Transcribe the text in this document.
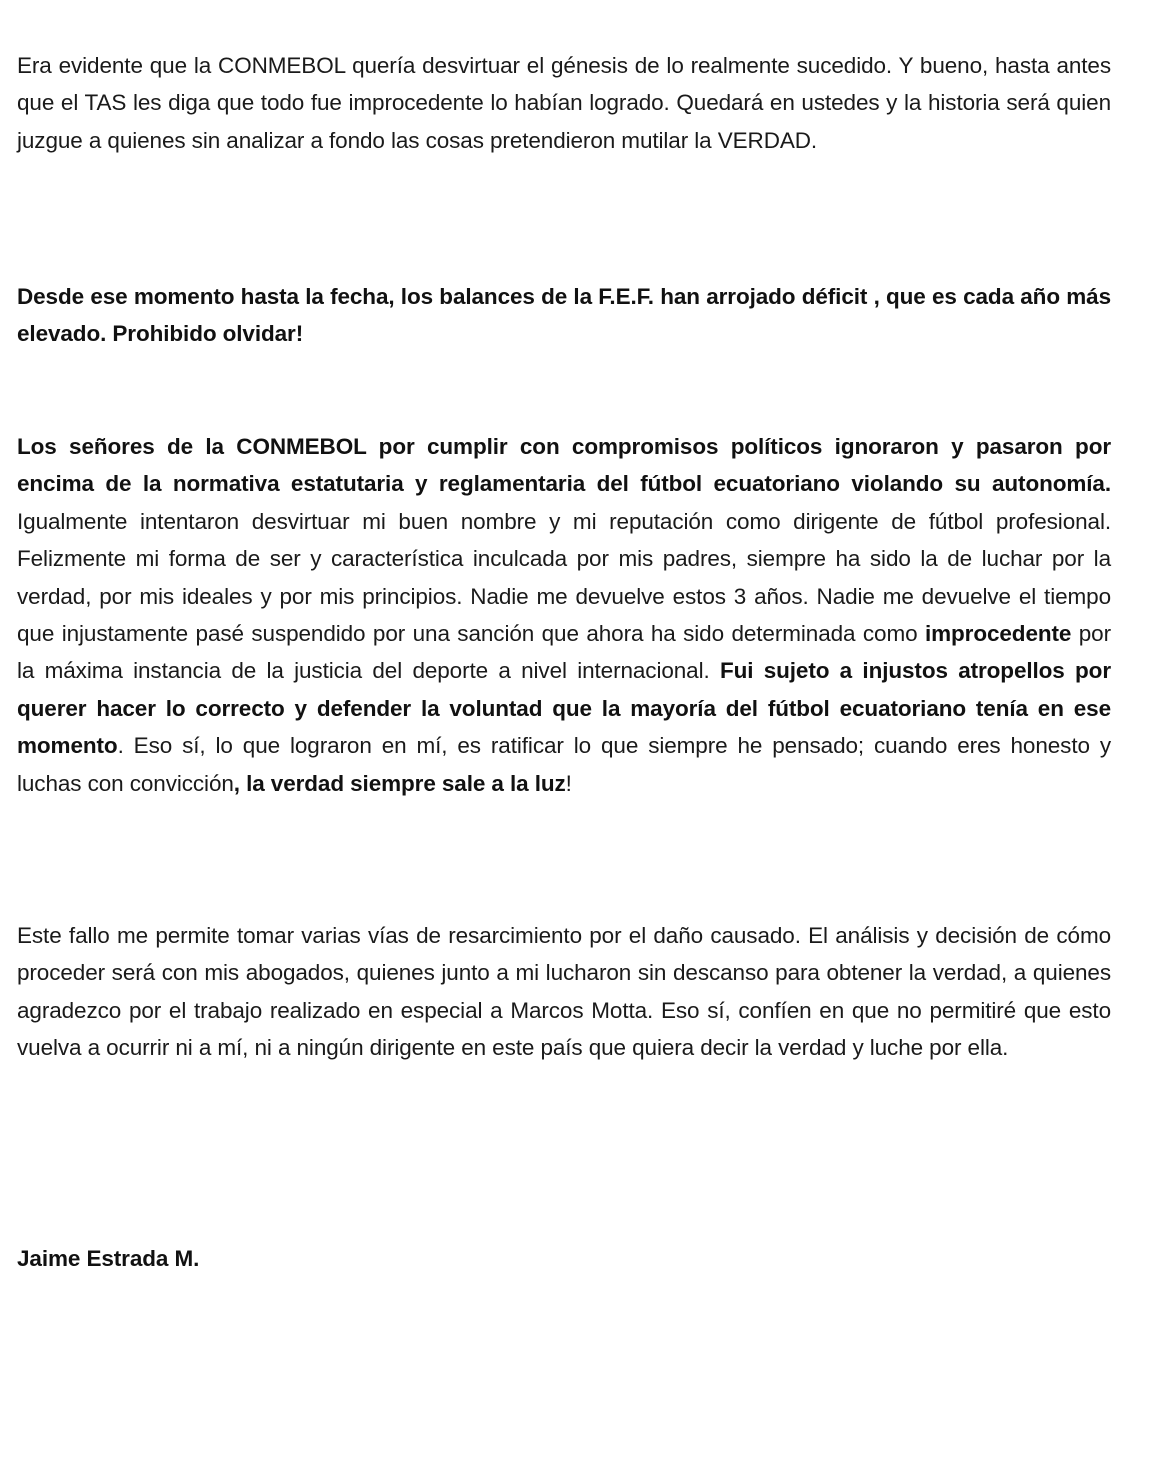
Era evidente que la CONMEBOL quería desvirtuar el génesis de lo realmente sucedido. Y bueno, hasta antes que el TAS les diga que todo fue improcedente lo habían logrado. Quedará en ustedes y la historia será quien juzgue a quienes sin analizar a fondo las cosas pretendieron mutilar la VERDAD.

Desde ese momento hasta la fecha, los balances de la F.E.F. han arrojado déficit , que es cada año más elevado. Prohibido olvidar!

Los señores de la CONMEBOL por cumplir con compromisos políticos ignoraron y pasaron por encima de la normativa estatutaria y reglamentaria del fútbol ecuatoriano violando su autonomía. Igualmente intentaron desvirtuar mi buen nombre y mi reputación como dirigente de fútbol profesional. Felizmente mi forma de ser y característica inculcada por mis padres, siempre ha sido la de luchar por la verdad, por mis ideales y por mis principios. Nadie me devuelve estos 3 años. Nadie me devuelve el tiempo que injustamente pasé suspendido por una sanción que ahora ha sido determinada como improcedente por la máxima instancia de la justicia del deporte a nivel internacional. Fui sujeto a injustos atropellos por querer hacer lo correcto y defender la voluntad que la mayoría del fútbol ecuatoriano tenía en ese momento. Eso sí, lo que lograron en mí, es ratificar lo que siempre he pensado; cuando eres honesto y luchas con convicción, la verdad siempre sale a la luz!

Este fallo me permite tomar varias vías de resarcimiento por el daño causado. El análisis y decisión de cómo proceder será con mis abogados, quienes junto a mi lucharon sin descanso para obtener la verdad, a quienes agradezco por el trabajo realizado en especial a Marcos Motta. Eso sí, confíen en que no permitiré que esto vuelva a ocurrir ni a mí, ni a ningún dirigente en este país que quiera decir la verdad y luche por ella.

Jaime Estrada M.
